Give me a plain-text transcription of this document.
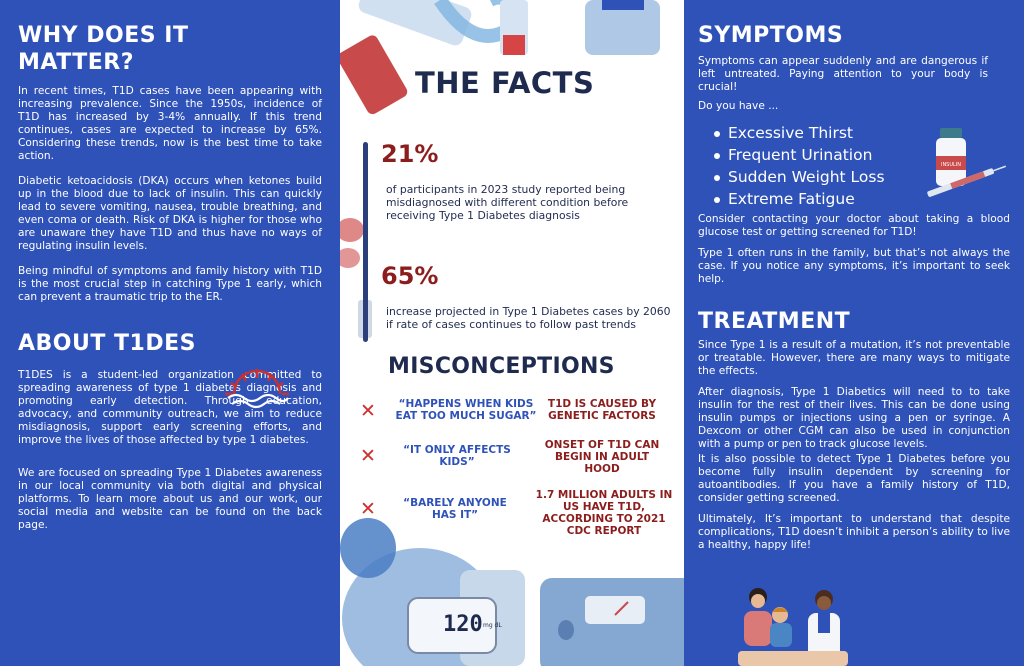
WHY DOES IT MATTER?

In recent times, T1D cases have been appearing with increasing prevalence. Since the 1950s, incidence of T1D has increased by 3-4% annually. If this trend continues, cases are expected to increase by 65%. Considering these trends, now is the best time to take action.

Diabetic ketoacidosis (DKA) occurs when ketones build up in the blood due to lack of insulin. This can quickly lead to severe vomiting, nausea, trouble breathing, and even coma or death. Risk of DKA is higher for those who are unaware they have T1D and thus have no ways of regulating insulin levels.

Being mindful of symptoms and family history with T1D is the most crucial step in catching Type 1 early, which can prevent a traumatic trip to the ER.

ABOUT T1DES

T1DES is a student-led organization committed to spreading awareness of type 1 diabetes diagnosis and promoting early detection. Through education, advocacy, and community outreach, we aim to reduce misdiagnosis, support early screening efforts, and improve the lives of those affected by type 1 diabetes.

We are focused on spreading Type 1 Diabetes awareness in our local community via both digital and physical platforms. To learn more about us and our work, our social media and website can be found on the back page.

120 mg dL
THE FACTS
21%
of participants in 2023 study reported being misdiagnosed with different condition before receiving Type 1 Diabetes diagnosis
65%
increase projected in Type 1 Diabetes cases by 2060 if rate of cases continues to follow past trends
MISCONCEPTIONS
✕	“HAPPENS WHEN KIDS EAT TOO MUCH SUGAR”
T1D IS CAUSED BY GENETIC FACTORS
✕	“IT ONLY AFFECTS KIDS”
ONSET OF T1D CAN BEGIN IN ADULT HOOD
✕	“BARELY ANYONE HAS IT”
1.7 MILLION ADULTS IN US HAVE T1D, ACCORDING TO 2021 CDC REPORT
SYMPTOMS

Symptoms can appear suddenly and are dangerous if left untreated. Paying attention to your body is crucial!

Do you have ...

Excessive Thirst
Frequent Urination
Sudden Weight Loss
Extreme Fatigue

Consider contacting your doctor about taking a blood glucose test or getting screened for T1D!

Type 1 often runs in the family, but that’s not always the case. If you notice any symptoms, it’s important to seek help.

TREATMENT

Since Type 1 is a result of a mutation, it’s not preventable or treatable. However, there are many ways to mitigate the effects.

After diagnosis, Type 1 Diabetics will need to to take insulin for the rest of their lives. This can be done using insulin pumps or injections using a pen or syringe. A Dexcom or other CGM can also be used in conjunction with a pump or pen to track glucose levels.

It is also possible to detect Type 1 Diabetes before you become fully insulin dependent by screening for autoantibodies. If you have a family history of T1D, consider getting screened.

Ultimately, It’s important to understand that despite complications, T1D doesn’t inhibit a person’s ability to live a healthy, happy life!

INSULIN
